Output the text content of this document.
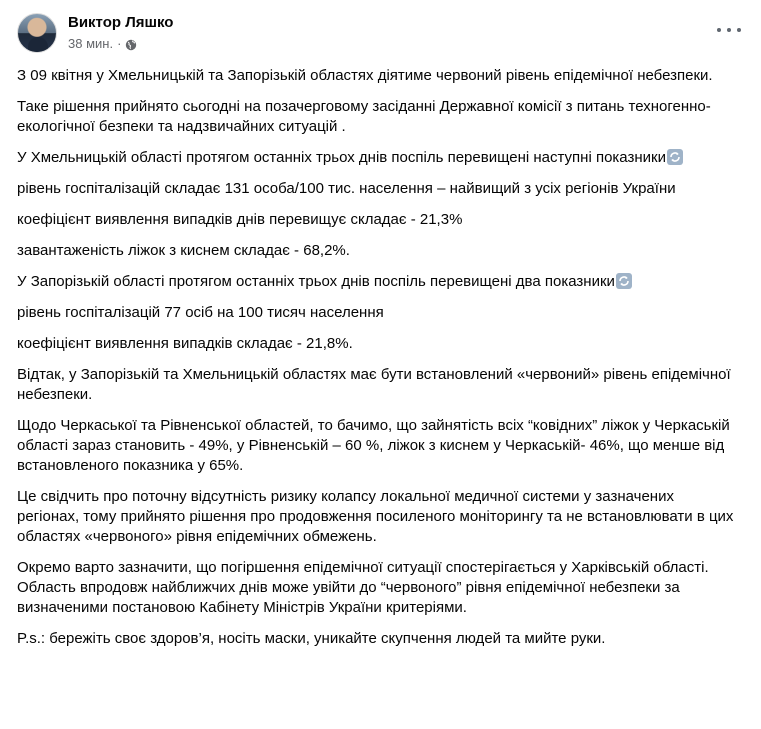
Виктор Ляшко
38 мин. ·
З 09 квітня у Хмельницькій та Запорізькій областях діятиме червоний рівень епідемічної небезпеки.
Таке рішення прийнято сьогодні на позачерговому засіданні Державної комісії з питань техногенно-екологічної безпеки та надзвичайних ситуацій .
У Хмельницькій області протягом останніх трьох днів поспіль перевищені наступні показники
рівень госпіталізацій складає 131 особа/100 тис. населення – найвищий з усіх регіонів України
коефіцієнт виявлення випадків днів перевищує складає - 21,3%
завантаженість ліжок з киснем складає - 68,2%.
У Запорізькій області протягом останніх трьох днів поспіль перевищені два показники
рівень госпіталізацій 77 осіб на 100 тисяч населення
коефіцієнт виявлення випадків складає - 21,8%.
Відтак, у Запорізькій та Хмельницькій областях має бути встановлений «червоний» рівень епідемічної небезпеки.
Щодо Черкаської та Рівненської областей, то бачимо, що зайнятість всіх “ковідних” ліжок у Черкаській області зараз становить - 49%, у Рівненській – 60 %, ліжок з киснем у Черкаській- 46%, що менше від встановленого показника у 65%.
Це свідчить про поточну відсутність ризику колапсу локальної медичної системи у зазначених регіонах, тому прийнято рішення про продовження посиленого моніторингу та не встановлювати в цих областях «червоного» рівня епідемічних обмежень.
Окремо варто зазначити, що погіршення епідемічної ситуації спостерігається у Харківській області. Область впродовж найближчих днів може увійти до “червоного” рівня епідемічної небезпеки за визначеними постановою Кабінету Міністрів України критеріями.
P.s.: бережіть своє здоров’я, носіть маски, уникайте скупчення людей та мийте руки.
